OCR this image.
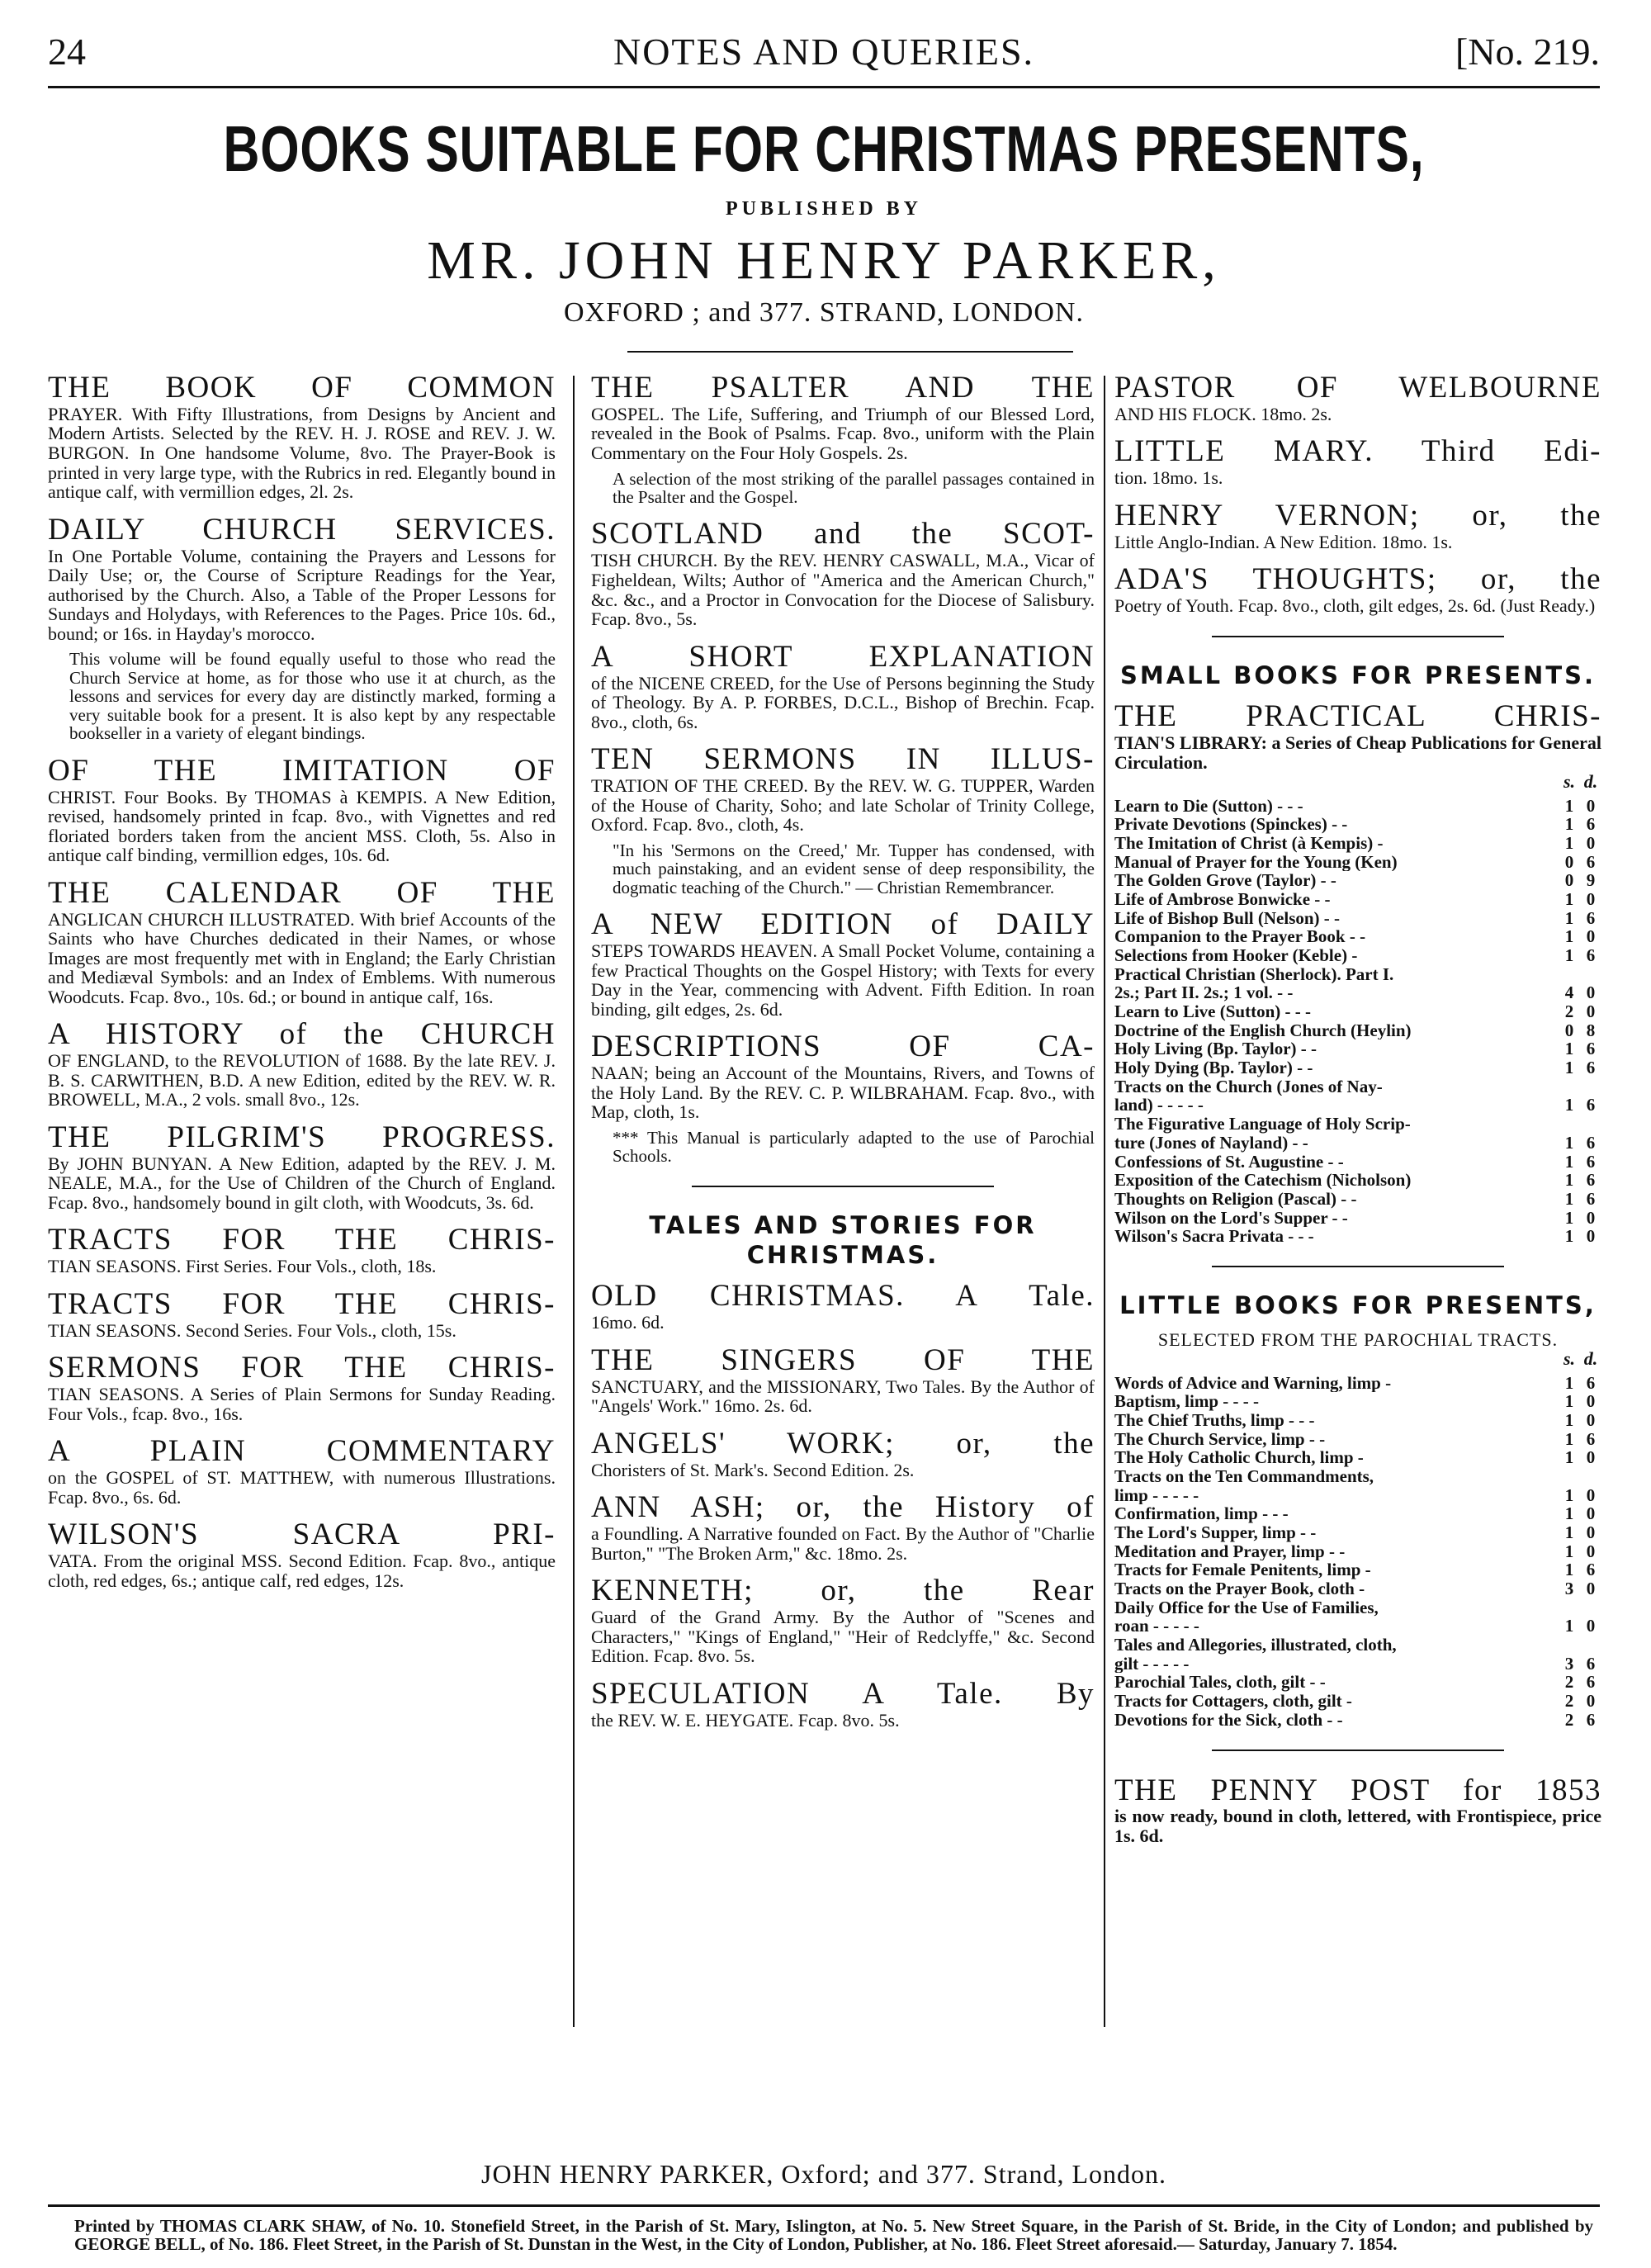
24	NOTES AND QUERIES.	[No. 219.
BOOKS SUITABLE FOR CHRISTMAS PRESENTS,
PUBLISHED BY
MR. JOHN HENRY PARKER,
OXFORD ; and 377. STRAND, LONDON.
THE BOOK OF COMMON
PRAYER. With Fifty Illustrations, from Designs by Ancient and Modern Artists. Selected by the REV. H. J. ROSE and REV. J. W. BURGON. In One handsome Volume, 8vo. The Prayer-Book is printed in very large type, with the Rubrics in red. Elegantly bound in antique calf, with vermillion edges, 2l. 2s.
DAILY CHURCH SERVICES.
In One Portable Volume, containing the Prayers and Lessons for Daily Use; or, the Course of Scripture Readings for the Year, authorised by the Church. Also, a Table of the Proper Lessons for Sundays and Holydays, with References to the Pages. Price 10s. 6d., bound; or 16s. in Hayday's morocco.
This volume will be found equally useful to those who read the Church Service at home, as for those who use it at church, as the lessons and services for every day are distinctly marked, forming a very suitable book for a present. It is also kept by any respectable bookseller in a variety of elegant bindings.
OF THE IMITATION OF
CHRIST. Four Books. By THOMAS à KEMPIS. A New Edition, revised, handsomely printed in fcap. 8vo., with Vignettes and red floriated borders taken from the ancient MSS. Cloth, 5s. Also in antique calf binding, vermillion edges, 10s. 6d.
THE CALENDAR OF THE
ANGLICAN CHURCH ILLUSTRATED. With brief Accounts of the Saints who have Churches dedicated in their Names, or whose Images are most frequently met with in England; the Early Christian and Mediæval Symbols: and an Index of Emblems. With numerous Woodcuts. Fcap. 8vo., 10s. 6d.; or bound in antique calf, 16s.
A HISTORY of the CHURCH
OF ENGLAND, to the REVOLUTION of 1688. By the late REV. J. B. S. CARWITHEN, B.D. A new Edition, edited by the REV. W. R. BROWELL, M.A., 2 vols. small 8vo., 12s.
THE PILGRIM'S PROGRESS.
By JOHN BUNYAN. A New Edition, adapted by the REV. J. M. NEALE, M.A., for the Use of Children of the Church of England. Fcap. 8vo., handsomely bound in gilt cloth, with Woodcuts, 3s. 6d.
TRACTS FOR THE CHRIS-
TIAN SEASONS. First Series. Four Vols., cloth, 18s.
TRACTS FOR THE CHRIS-
TIAN SEASONS. Second Series. Four Vols., cloth, 15s.
SERMONS FOR THE CHRIS-
TIAN SEASONS. A Series of Plain Sermons for Sunday Reading. Four Vols., fcap. 8vo., 16s.
A PLAIN COMMENTARY
on the GOSPEL of ST. MATTHEW, with numerous Illustrations. Fcap. 8vo., 6s. 6d.
WILSON'S SACRA PRI-
VATA. From the original MSS. Second Edition. Fcap. 8vo., antique cloth, red edges, 6s.; antique calf, red edges, 12s.
THE PSALTER AND THE
GOSPEL. The Life, Suffering, and Triumph of our Blessed Lord, revealed in the Book of Psalms. Fcap. 8vo., uniform with the Plain Commentary on the Four Holy Gospels. 2s.
A selection of the most striking of the parallel passages contained in the Psalter and the Gospel.
SCOTLAND and the SCOT-
TISH CHURCH. By the REV. HENRY CASWALL, M.A., Vicar of Figheldean, Wilts; Author of "America and the American Church," &c. &c., and a Proctor in Convocation for the Diocese of Salisbury. Fcap. 8vo., 5s.
A SHORT EXPLANATION
of the NICENE CREED, for the Use of Persons beginning the Study of Theology. By A. P. FORBES, D.C.L., Bishop of Brechin. Fcap. 8vo., cloth, 6s.
TEN SERMONS IN ILLUS-
TRATION OF THE CREED. By the REV. W. G. TUPPER, Warden of the House of Charity, Soho; and late Scholar of Trinity College, Oxford. Fcap. 8vo., cloth, 4s.
"In his 'Sermons on the Creed,' Mr. Tupper has condensed, with much painstaking, and an evident sense of deep responsibility, the dogmatic teaching of the Church." — Christian Remembrancer.
A NEW EDITION of DAILY
STEPS TOWARDS HEAVEN. A Small Pocket Volume, containing a few Practical Thoughts on the Gospel History; with Texts for every Day in the Year, commencing with Advent. Fifth Edition. In roan binding, gilt edges, 2s. 6d.
DESCRIPTIONS OF CA-
NAAN; being an Account of the Mountains, Rivers, and Towns of the Holy Land. By the REV. C. P. WILBRAHAM. Fcap. 8vo., with Map, cloth, 1s.
*** This Manual is particularly adapted to the use of Parochial Schools.
TALES AND STORIES FOR CHRISTMAS.
OLD CHRISTMAS. A Tale.
16mo. 6d.
THE SINGERS OF THE
SANCTUARY, and the MISSIONARY, Two Tales. By the Author of "Angels' Work." 16mo. 2s. 6d.
ANGELS' WORK; or, the
Choristers of St. Mark's. Second Edition. 2s.
ANN ASH; or, the History of
a Foundling. A Narrative founded on Fact. By the Author of "Charlie Burton," "The Broken Arm," &c. 18mo. 2s.
KENNETH; or, the Rear
Guard of the Grand Army. By the Author of "Scenes and Characters," "Kings of England," "Heir of Redclyffe," &c. Second Edition. Fcap. 8vo. 5s.
SPECULATION A Tale. By
the REV. W. E. HEYGATE. Fcap. 8vo. 5s.
PASTOR OF WELBOURNE
AND HIS FLOCK. 18mo. 2s.
LITTLE MARY. Third Edi-
tion. 18mo. 1s.
HENRY VERNON; or, the
Little Anglo-Indian. A New Edition. 18mo. 1s.
ADA'S THOUGHTS; or, the
Poetry of Youth. Fcap. 8vo., cloth, gilt edges, 2s. 6d. (Just Ready.)
SMALL BOOKS FOR PRESENTS.
THE PRACTICAL CHRIS-
TIAN'S LIBRARY: a Series of Cheap Publications for General Circulation.
s. d.
Learn to Die (Sutton) - - -	1 0
Private Devotions (Spinckes) - -	1 6
The Imitation of Christ (à Kempis) -	1 0
Manual of Prayer for the Young (Ken)	0 6
The Golden Grove (Taylor) - -	0 9
Life of Ambrose Bonwicke - -	1 0
Life of Bishop Bull (Nelson) - -	1 6
Companion to the Prayer Book - -	1 0
Selections from Hooker (Keble) -	1 6
Practical Christian (Sherlock). Part I.
2s.; Part II. 2s.; 1 vol. - -	4 0
Learn to Live (Sutton) - - -	2 0
Doctrine of the English Church (Heylin)	0 8
Holy Living (Bp. Taylor) - -	1 6
Holy Dying (Bp. Taylor) - -	1 6
Tracts on the Church (Jones of Nay-
land) - - - - -	1 6
The Figurative Language of Holy Scrip-
ture (Jones of Nayland) - -	1 6
Confessions of St. Augustine - -	1 6
Exposition of the Catechism (Nicholson)	1 6
Thoughts on Religion (Pascal) - -	1 6
Wilson on the Lord's Supper - -	1 0
Wilson's Sacra Privata - - -	1 0
LITTLE BOOKS FOR PRESENTS,
SELECTED FROM THE PAROCHIAL TRACTS.
s. d.
Words of Advice and Warning, limp -	1 6
Baptism, limp - - - -	1 0
The Chief Truths, limp - - -	1 0
The Church Service, limp - -	1 6
The Holy Catholic Church, limp -	1 0
Tracts on the Ten Commandments,
limp - - - - -	1 0
Confirmation, limp - - -	1 0
The Lord's Supper, limp - -	1 0
Meditation and Prayer, limp - -	1 0
Tracts for Female Penitents, limp -	1 6
Tracts on the Prayer Book, cloth -	3 0
Daily Office for the Use of Families,
roan - - - - -	1 0
Tales and Allegories, illustrated, cloth,
gilt - - - - -	3 6
Parochial Tales, cloth, gilt - -	2 6
Tracts for Cottagers, cloth, gilt -	2 0
Devotions for the Sick, cloth - -	2 6
THE PENNY POST for 1853
is now ready, bound in cloth, lettered, with Frontispiece, price 1s. 6d.
JOHN HENRY PARKER, Oxford; and 377. Strand, London.
Printed by THOMAS CLARK SHAW, of No. 10. Stonefield Street, in the Parish of St. Mary, Islington, at No. 5. New Street Square, in the Parish of St. Bride, in the City of London; and published by GEORGE BELL, of No. 186. Fleet Street, in the Parish of St. Dunstan in the West, in the City of London, Publisher, at No. 186. Fleet Street aforesaid.— Saturday, January 7. 1854.
